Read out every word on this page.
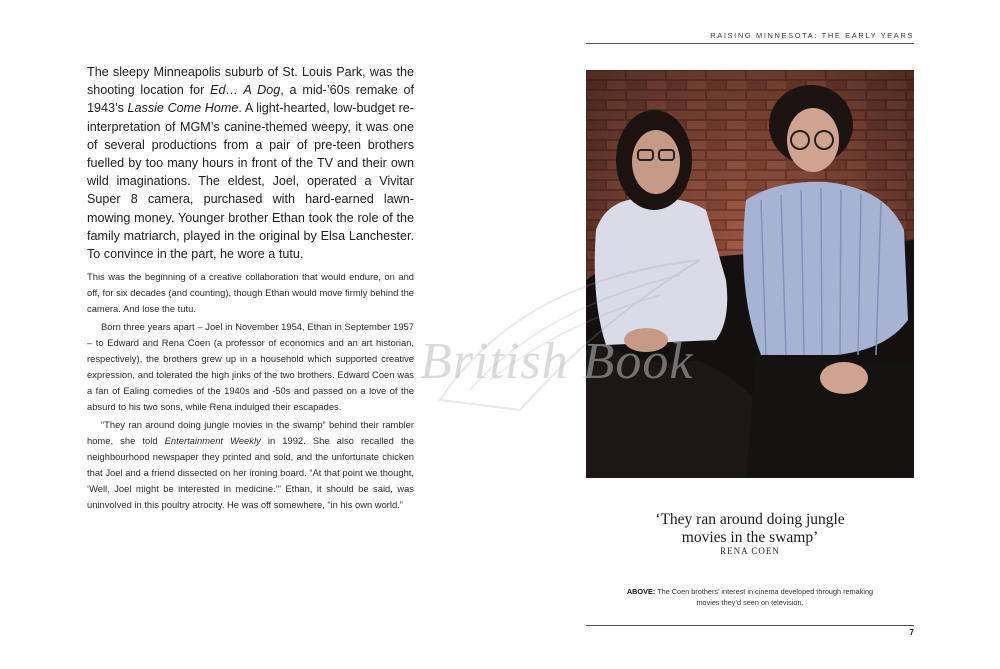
RAISING MINNESOTA: THE EARLY YEARS
The sleepy Minneapolis suburb of St. Louis Park, was the shooting location for Ed… A Dog, a mid-’60s remake of 1943’s Lassie Come Home. A light-hearted, low-budget re-interpretation of MGM’s canine-themed weepy, it was one of several productions from a pair of pre-teen brothers fuelled by too many hours in front of the TV and their own wild imaginations. The eldest, Joel, operated a Vivitar Super 8 camera, purchased with hard-earned lawn-mowing money. Younger brother Ethan took the role of the family matriarch, played in the original by Elsa Lanchester. To convince in the part, he wore a tutu.

This was the beginning of a creative collaboration that would endure, on and off, for six decades (and counting), though Ethan would move firmly behind the camera. And lose the tutu.

Born three years apart – Joel in November 1954, Ethan in September 1957 – to Edward and Rena Coen (a professor of economics and an art historian, respectively), the brothers grew up in a household which supported creative expression, and tolerated the high jinks of the two brothers. Edward Coen was a fan of Ealing comedies of the 1940s and -50s and passed on a love of the absurd to his two sons, while Rena indulged their escapades.

“They ran around doing jungle movies in the swamp” behind their rambler home, she told Entertainment Weekly in 1992. She also recalled the neighbourhood newspaper they printed and sold, and the unfortunate chicken that Joel and a friend dissected on her ironing board. “At that point we thought, ‘Well, Joel might be interested in medicine.’” Ethan, it should be said, was uninvolved in this poultry atrocity. He was off somewhere, “in his own world.”

British Book
‘They ran around doing jungle
movies in the swamp’
RENA COEN
ABOVE: The Coen brothers’ interest in cinema developed through remaking movies they’d seen on television.
7
